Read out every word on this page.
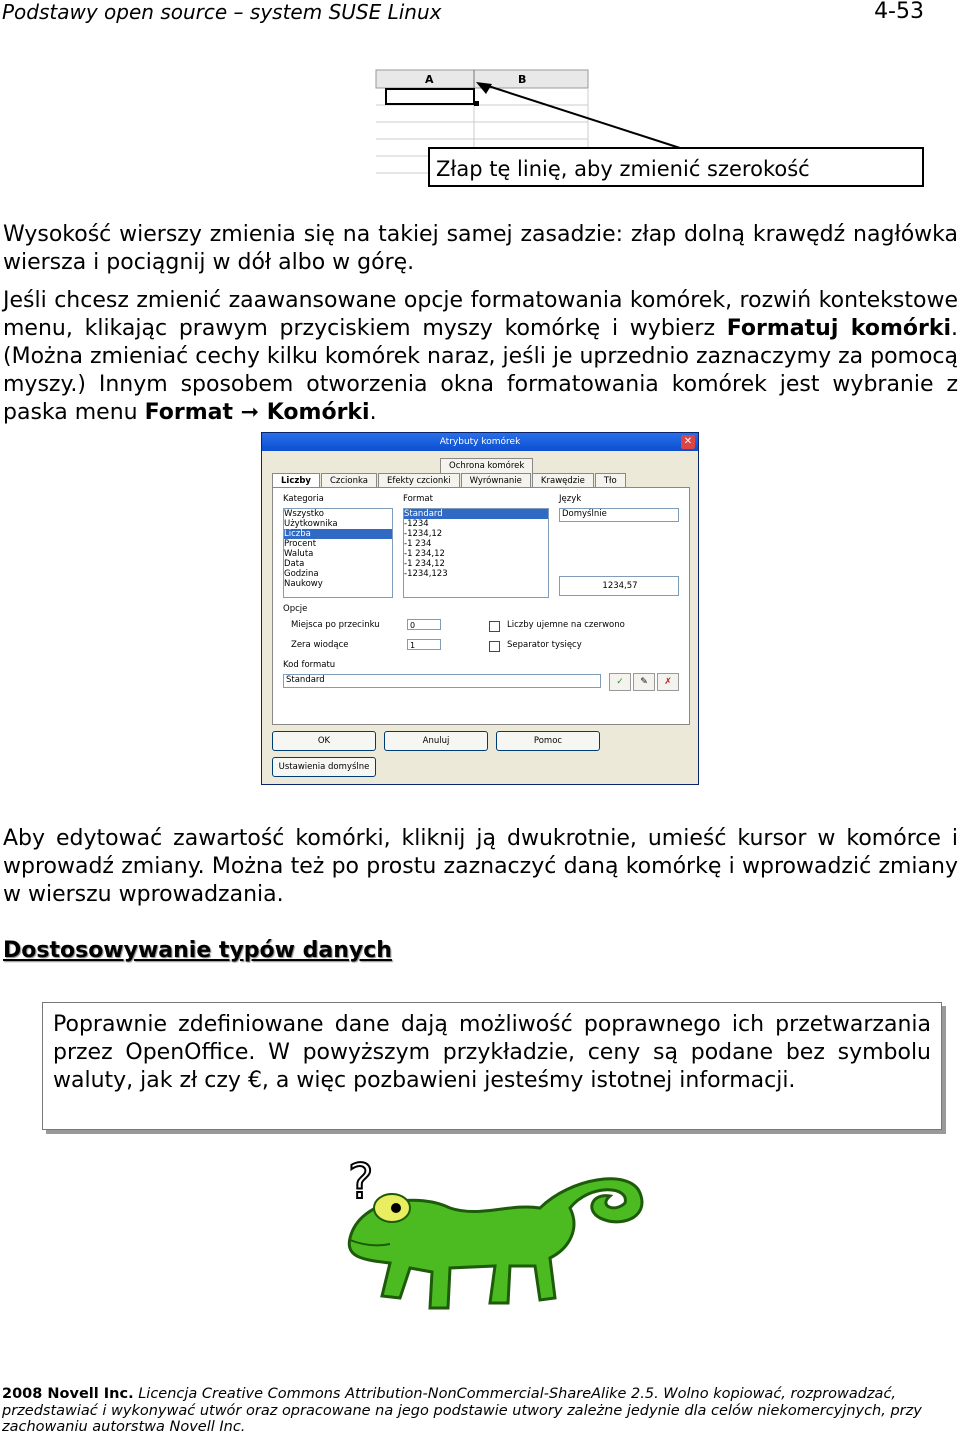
Podstawy open source – system SUSE Linux	4-53
A	B
Złap tę linię, aby zmienić szerokość
Wysokość wierszy zmienia się na takiej samej zasadzie: złap dolną krawędź nagłówka wiersza i pociągnij w dół albo w górę.
Jeśli chcesz zmienić zaawansowane opcje formatowania komórek, rozwiń kontekstowe menu, klikając prawym przyciskiem myszy komórkę i wybierz Formatuj komórki. (Można zmieniać cechy kilku komórek naraz, jeśli je uprzednio zaznaczymy za pomocą myszy.) Innym sposobem otworzenia okna formatowania komórek jest wybranie z paska menu Format ➞ Komórki.
Atrybuty komórek	✕
Ochrona komórek
Liczby	Czcionka	Efekty czcionki	Wyrównanie	Krawędzie	Tło
Kategoria
Wszystko
Użytkownika
Liczba
Procent
Waluta
Data
Godzina
Naukowy
Format
Standard
-1234
-1234,12
-1 234
-1 234,12
-1 234,12
-1234,123
Język
Domyślnie
1234,57
Opcje
Miejsca po przecinku	0
Zera wiodące	1
Liczby ujemne na czerwono
Separator tysięcy
Kod formatu
Standard	✓	✎	✗
OK	Anuluj	Pomoc
Ustawienia domyślne
Aby edytować zawartość komórki, kliknij ją dwukrotnie, umieść kursor w komórce i wprowadź zmiany. Można też po prostu zaznaczyć daną komórkę i wprowadzić zmiany w wierszu wprowadzania.
Dostosowywanie typów danych
Poprawnie zdefiniowane dane dają możliwość poprawnego ich przetwarzania przez OpenOffice. W powyższym przykładzie, ceny są podane bez symbolu waluty, jak zł czy €, a więc pozbawieni jesteśmy istotnej informacji.
?
2008 Novell Inc. Licencja Creative Commons Attribution-NonCommercial-ShareAlike 2.5. Wolno kopiować, rozprowadzać, przedstawiać i wykonywać utwór oraz opracowane na jego podstawie utwory zależne jedynie dla celów niekomercyjnych, przy zachowaniu autorstwa Novell Inc.
